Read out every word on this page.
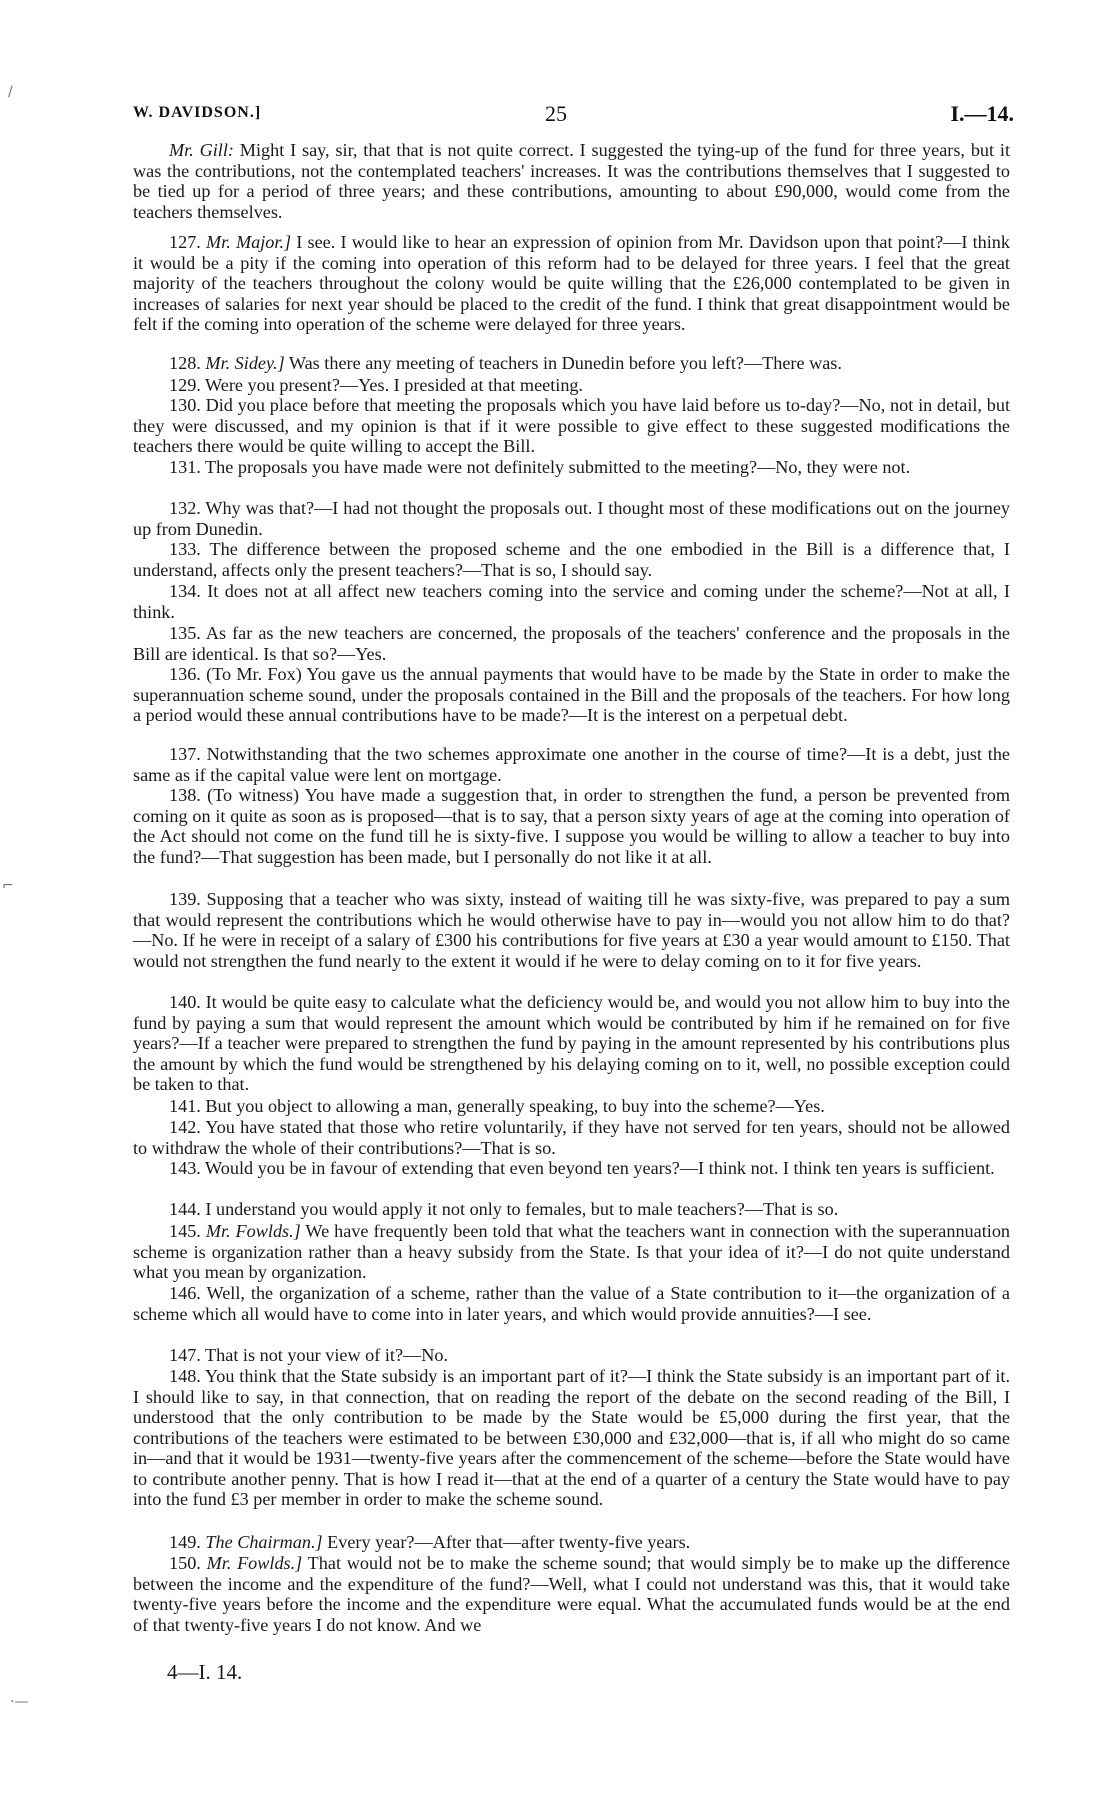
/

⌐

·—

W. DAVIDSON.]	25	I.—14.

Mr. Gill: Might I say, sir, that that is not quite correct. I suggested the tying-up of the fund for three years, but it was the contributions, not the contemplated teachers' increases. It was the contributions themselves that I suggested to be tied up for a period of three years; and these contributions, amounting to about £90,000, would come from the teachers themselves.

127. Mr. Major.] I see. I would like to hear an expression of opinion from Mr. Davidson upon that point?—I think it would be a pity if the coming into operation of this reform had to be delayed for three years. I feel that the great majority of the teachers throughout the colony would be quite willing that the £26,000 contemplated to be given in increases of salaries for next year should be placed to the credit of the fund. I think that great disappointment would be felt if the coming into operation of the scheme were delayed for three years.

128. Mr. Sidey.] Was there any meeting of teachers in Dunedin before you left?—There was.

129. Were you present?—Yes. I presided at that meeting.

130. Did you place before that meeting the proposals which you have laid before us to-day?—No, not in detail, but they were discussed, and my opinion is that if it were possible to give effect to these suggested modifications the teachers there would be quite willing to accept the Bill.

131. The proposals you have made were not definitely submitted to the meeting?—No, they were not.

132. Why was that?—I had not thought the proposals out. I thought most of these modifications out on the journey up from Dunedin.

133. The difference between the proposed scheme and the one embodied in the Bill is a difference that, I understand, affects only the present teachers?—That is so, I should say.

134. It does not at all affect new teachers coming into the service and coming under the scheme?—Not at all, I think.

135. As far as the new teachers are concerned, the proposals of the teachers' conference and the proposals in the Bill are identical. Is that so?—Yes.

136. (To Mr. Fox) You gave us the annual payments that would have to be made by the State in order to make the superannuation scheme sound, under the proposals contained in the Bill and the proposals of the teachers. For how long a period would these annual contributions have to be made?—It is the interest on a perpetual debt.

137. Notwithstanding that the two schemes approximate one another in the course of time?—It is a debt, just the same as if the capital value were lent on mortgage.

138. (To witness) You have made a suggestion that, in order to strengthen the fund, a person be prevented from coming on it quite as soon as is proposed—that is to say, that a person sixty years of age at the coming into operation of the Act should not come on the fund till he is sixty-five. I suppose you would be willing to allow a teacher to buy into the fund?—That suggestion has been made, but I personally do not like it at all.

139. Supposing that a teacher who was sixty, instead of waiting till he was sixty-five, was prepared to pay a sum that would represent the contributions which he would otherwise have to pay in—would you not allow him to do that?—No. If he were in receipt of a salary of £300 his contributions for five years at £30 a year would amount to £150. That would not strengthen the fund nearly to the extent it would if he were to delay coming on to it for five years.

140. It would be quite easy to calculate what the deficiency would be, and would you not allow him to buy into the fund by paying a sum that would represent the amount which would be contributed by him if he remained on for five years?—If a teacher were prepared to strengthen the fund by paying in the amount represented by his contributions plus the amount by which the fund would be strengthened by his delaying coming on to it, well, no possible exception could be taken to that.

141. But you object to allowing a man, generally speaking, to buy into the scheme?—Yes.

142. You have stated that those who retire voluntarily, if they have not served for ten years, should not be allowed to withdraw the whole of their contributions?—That is so.

143. Would you be in favour of extending that even beyond ten years?—I think not. I think ten years is sufficient.

144. I understand you would apply it not only to females, but to male teachers?—That is so.

145. Mr. Fowlds.] We have frequently been told that what the teachers want in connection with the superannuation scheme is organization rather than a heavy subsidy from the State. Is that your idea of it?—I do not quite understand what you mean by organization.

146. Well, the organization of a scheme, rather than the value of a State contribution to it—the organization of a scheme which all would have to come into in later years, and which would provide annuities?—I see.

147. That is not your view of it?—No.

148. You think that the State subsidy is an important part of it?—I think the State subsidy is an important part of it. I should like to say, in that connection, that on reading the report of the debate on the second reading of the Bill, I understood that the only contribution to be made by the State would be £5,000 during the first year, that the contributions of the teachers were estimated to be between £30,000 and £32,000—that is, if all who might do so came in—and that it would be 1931—twenty-five years after the commencement of the scheme—before the State would have to contribute another penny. That is how I read it—that at the end of a quarter of a century the State would have to pay into the fund £3 per member in order to make the scheme sound.

149. The Chairman.] Every year?—After that—after twenty-five years.

150. Mr. Fowlds.] That would not be to make the scheme sound; that would simply be to make up the difference between the income and the expenditure of the fund?—Well, what I could not understand was this, that it would take twenty-five years before the income and the expenditure were equal. What the accumulated funds would be at the end of that twenty-five years I do not know. And we

4—I. 14.
